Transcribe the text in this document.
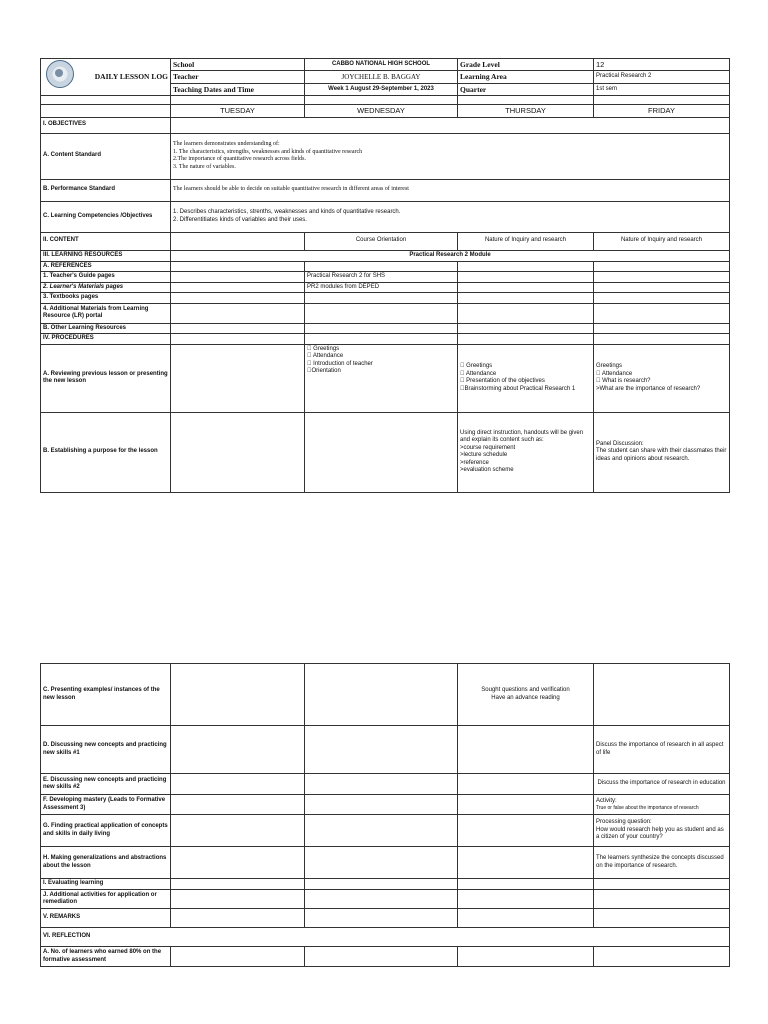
DAILY LESSON LOG	School	CABBO NATIONAL HIGH SCHOOL	Grade Level	12
	Teacher	JOYCHELLE B. BAGGAY	Learning Area	Practical Research 2
	Teaching Dates and Time	Week 1 August 29-September 1, 2023	Quarter	1st sem

	TUESDAY	WEDNESDAY	THURSDAY	FRIDAY
I. OBJECTIVES				
A. Content Standard	The learners demonstrates understanding of:
1. The characteristics, strengths, weaknesses and kinds of quantitative research
2.The importance of quantitative research across fields.
3. The nature of variables.			
B. Performance Standard	The learners should be able to decide on suitable quantitative research in different areas of interest			
C. Learning Competencies /Objectives	1. Describes characteristics, strenths, weaknesses and kinds of quantitative research.
2. Differentitiates kinds of variables and their uses.			
II. CONTENT		Course Orientation	Nature of Inquiry and research	Nature of Inquiry and research
III. LEARNING RESOURCES	Practical Research 2 Module			
A. REFERENCES				
1. Teacher's Guide pages		Practical Research 2 for SHS		
2. Learner's Materials pages		PR2 modules from DEPED		
3. Textbooks pages				
4. Additional Materials from Learning Resource (LR) portal				
B. Other Learning Resources				
IV. PROCEDURES				
A. Reviewing previous lesson or presenting the new lesson		  Greetings
  Attendance
  Introduction of teacher
 Orientation	  Greetings
  Attendance
  Presentation of the objectives
 Brainstorming about Practical Research 1	Greetings
  Attendance
  What is research?
>What are the importance of research?
B. Establishing a purpose for the lesson			Using direct instruction, handouts will be given and explain its content such as:
>course requirement
>lecture schedule
>reference
>evaluation scheme	Panel Discussion:
The student can share with their classmates their ideas and opinions about research.
C. Presenting examples/ instances of the new lesson			Sought questions and verification
Have an advance reading	
D. Discussing new concepts and practicing new skills #1				Discuss the importance of research in all aspect of life
E. Discussing new concepts and practicing new skills #2				Discuss the importance of research in education
F. Developing mastery (Leads to Formative Assessment 3)				Activity:
True or false about the importance of research

G. Finding practical application of concepts and skills in daily living				Processing question:
How would research help you as student and as a citizen of your country?
H. Making generalizations and abstractions about the lesson				The learners synthesize the concepts discussed on the importance of research.
I. Evaluating learning				
J. Additional activities for application or remediation				
V. REMARKS				
VI. REFLECTION				
A. No. of learners who earned 80% on the formative assessment				
